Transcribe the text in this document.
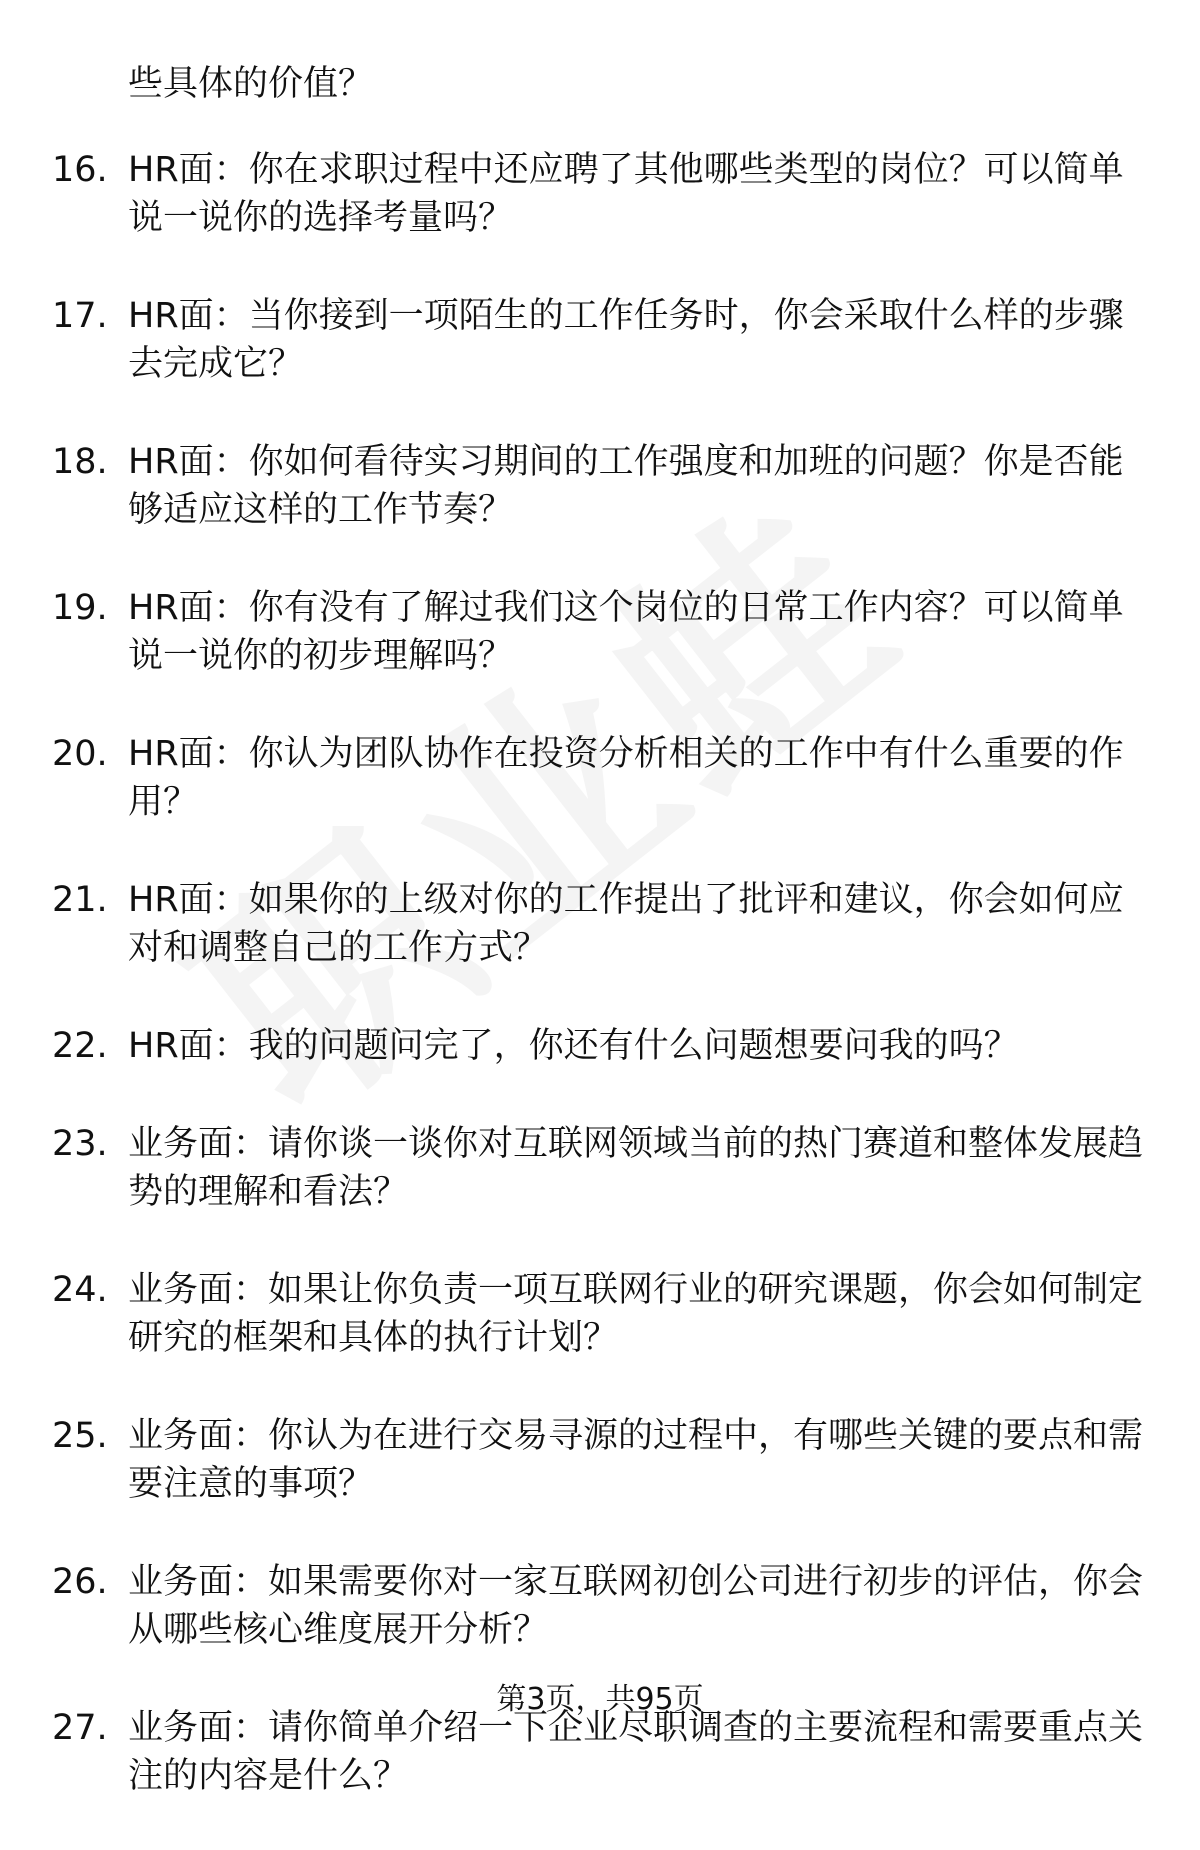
些具体的价值？
16. HR面：你在求职过程中还应聘了其他哪些类型的岗位？可以简单说一说你的选择考量吗？
17. HR面：当你接到一项陌生的工作任务时，你会采取什么样的步骤去完成它？
18. HR面：你如何看待实习期间的工作强度和加班的问题？你是否能够适应这样的工作节奏？
19. HR面：你有没有了解过我们这个岗位的日常工作内容？可以简单说一说你的初步理解吗？
20. HR面：你认为团队协作在投资分析相关的工作中有什么重要的作用？
21. HR面：如果你的上级对你的工作提出了批评和建议，你会如何应对和调整自己的工作方式？
22. HR面：我的问题问完了，你还有什么问题想要问我的吗？
23. 业务面：请你谈一谈你对互联网领域当前的热门赛道和整体发展趋势的理解和看法？
24. 业务面：如果让你负责一项互联网行业的研究课题，你会如何制定研究的框架和具体的执行计划？
25. 业务面：你认为在进行交易寻源的过程中，有哪些关键的要点和需要注意的事项？
26. 业务面：如果需要你对一家互联网初创公司进行初步的评估，你会从哪些核心维度展开分析？
27. 业务面：请你简单介绍一下企业尽职调查的主要流程和需要重点关注的内容是什么？
第3页，共95页
